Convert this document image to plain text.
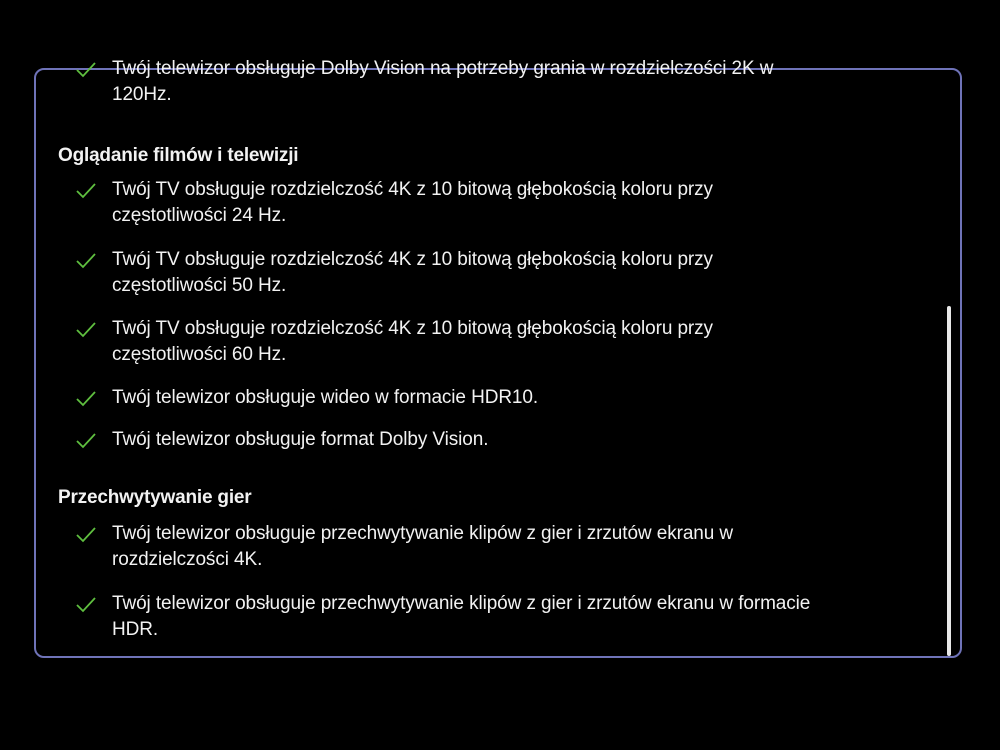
Twój telewizor obsługuje Dolby Vision na potrzeby grania w rozdzielczości 2K w
120Hz.
Oglądanie filmów i telewizji
Twój TV obsługuje rozdzielczość 4K z 10 bitową głębokością koloru przy
częstotliwości 24 Hz.
Twój TV obsługuje rozdzielczość 4K z 10 bitową głębokością koloru przy
częstotliwości 50 Hz.
Twój TV obsługuje rozdzielczość 4K z 10 bitową głębokością koloru przy
częstotliwości 60 Hz.
Twój telewizor obsługuje wideo w formacie HDR10.
Twój telewizor obsługuje format Dolby Vision.
Przechwytywanie gier
Twój telewizor obsługuje przechwytywanie klipów z gier i zrzutów ekranu w
rozdzielczości 4K.
Twój telewizor obsługuje przechwytywanie klipów z gier i zrzutów ekranu w formacie
HDR.
